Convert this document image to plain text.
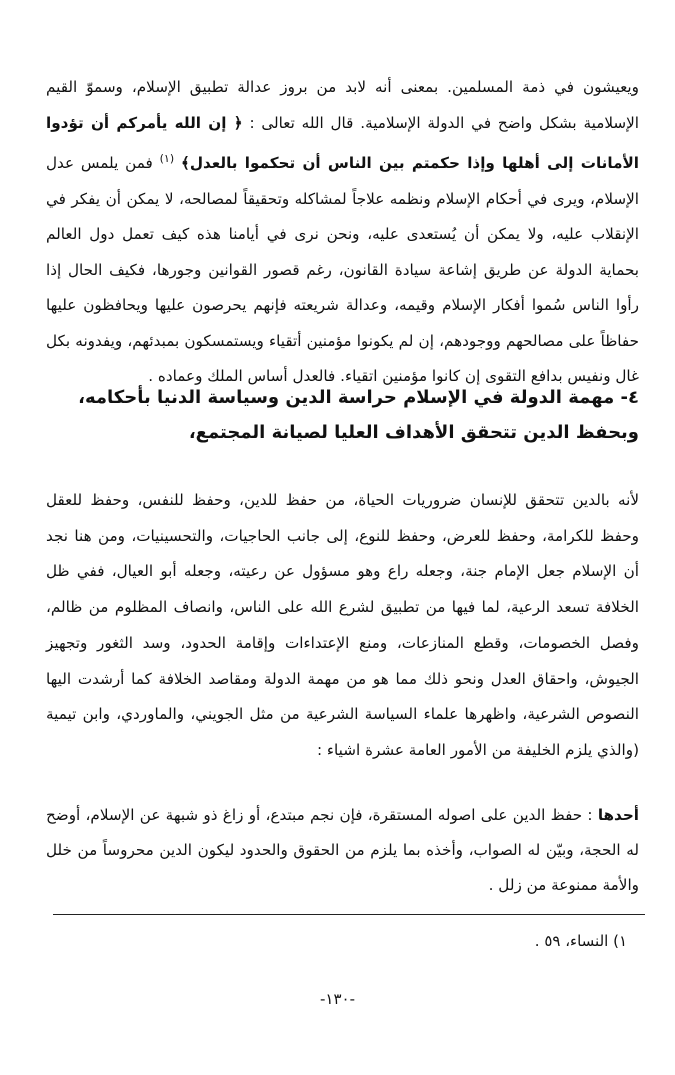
ويعيشون في ذمة المسلمين. بمعنى أنه لابد من بروز عدالة تطبيق الإسلام، وسموّ القيم الإسلامية بشكل واضح في الدولة الإسلامية. قال الله تعالى : ﴿ إن الله يأمركم أن تؤدوا الأمانات إلى أهلها وإذا حكمتم بين الناس أن تحكموا بالعدل﴾ $^{(١)}$ فمن يلمس عدل الإسلام، ويرى في أحكام الإسلام ونظمه علاجاً لمشاكله وتحقيقاً لمصالحه، لا يمكن أن يفكر في الإنقلاب عليه، ولا يمكن أن يُستعدى عليه، ونحن نرى في أيامنا هذه كيف تعمل دول العالم بحماية الدولة عن طريق إشاعة سيادة القانون، رغم قصور القوانين وجورها، فكيف الحال إذا رأوا الناس سُموا أفكار الإسلام وقيمه، وعدالة شريعته فإنهم يحرصون عليها ويحافظون عليها حفاظاً على مصالحهم ووجودهم، إن لم يكونوا مؤمنين أتقياء ويستمسكون بمبدئهم، ويفدونه بكل غال ونفيس بدافع التقوى إن كانوا مؤمنين اتقياء. فالعدل أساس الملك وعماده .

٤- مهمة الدولة في الإسلام حراسة الدين وسياسة الدنيا بأحكامه، وبحفظ الدين تتحقق الأهداف العليا لصيانة المجتمع،
لأنه بالدين تتحقق للإنسان ضروريات الحياة، من حفظ للدين، وحفظ للنفس، وحفظ للعقل وحفظ للكرامة، وحفظ للعرض، وحفظ للنوع، إلى جانب الحاجيات، والتحسينيات، ومن هنا نجد أن الإسلام جعل الإمام جنة، وجعله راع وهو مسؤول عن رعيته، وجعله أبو العيال، ففي ظل الخلافة تسعد الرعية، لما فيها من تطبيق لشرع الله على الناس، وانصاف المظلوم من ظالم، وفصل الخصومات، وقطع المنازعات، ومنع الإعتداءات وإقامة الحدود، وسد الثغور وتجهيز الجيوش، واحقاق العدل ونحو ذلك مما هو من مهمة الدولة ومقاصد الخلافة كما أرشدت اليها النصوص الشرعية، واظهرها علماء السياسة الشرعية من مثل الجويني، والماوردي، وابن تيمية (والذي يلزم الخليفة من الأمور العامة عشرة اشياء :
أحدها : حفظ الدين على اصوله المستقرة، فإن نجم مبتدع، أو زاغ ذو شبهة عن الإسلام، أوضح له الحجة، وبيّن له الصواب، وأخذه بما يلزم من الحقوق والحدود ليكون الدين محروساً من خلل والأمة ممنوعة من زلل .
١) النساء، ٥٩ .
-١٣٠-
